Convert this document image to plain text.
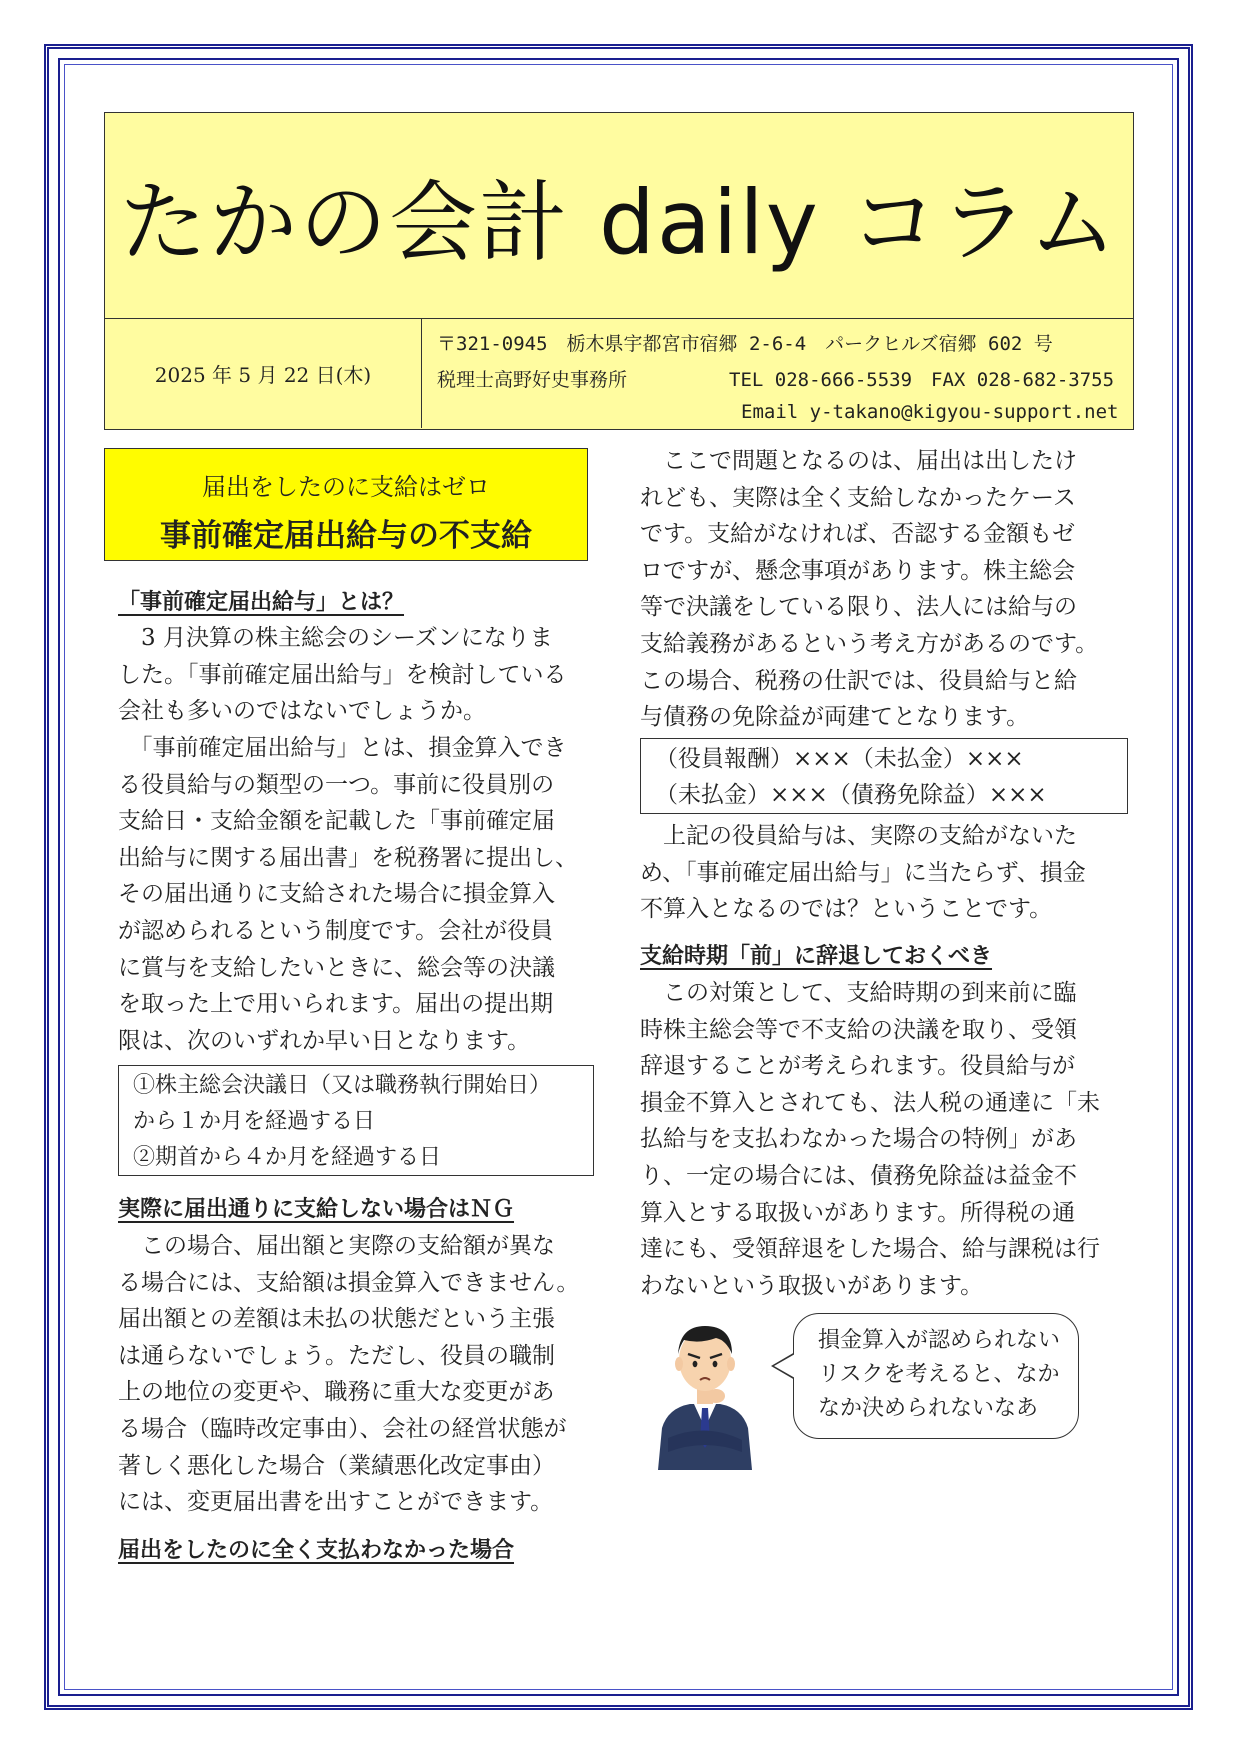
たかの会計 daily コラム
2025 年 5 月 22 日(木)
〒321-0945　栃木県宇都宮市宿郷 2-6-4　パークヒルズ宿郷 602 号
税理士高野好史事務所	TEL 028-666-5539　FAX 028-682-3755
Email y-takano@kigyou-support.net
届出をしたのに支給はゼロ
事前確定届出給与の不支給
「事前確定届出給与」とは？
　3 月決算の株主総会のシーズンになりま
した。「事前確定届出給与」を検討している
会社も多いのではないでしょうか。
　「事前確定届出給与」とは、損金算入でき
る役員給与の類型の一つ。事前に役員別の
支給日・支給金額を記載した「事前確定届
出給与に関する届出書」を税務署に提出し、
その届出通りに支給された場合に損金算入
が認められるという制度です。会社が役員
に賞与を支給したいときに、総会等の決議
を取った上で用いられます。届出の提出期
限は、次のいずれか早い日となります。
①株主総会決議日（又は職務執行開始日）
から１か月を経過する日
②期首から４か月を経過する日
実際に届出通りに支給しない場合はＮＧ
　この場合、届出額と実際の支給額が異な
る場合には、支給額は損金算入できません。
届出額との差額は未払の状態だという主張
は通らないでしょう。ただし、役員の職制
上の地位の変更や、職務に重大な変更があ
る場合（臨時改定事由）、会社の経営状態が
著しく悪化した場合（業績悪化改定事由）
には、変更届出書を出すことができます。
届出をしたのに全く支払わなかった場合
　ここで問題となるのは、届出は出したけ
れども、実際は全く支給しなかったケース
です。支給がなければ、否認する金額もゼ
ロですが、懸念事項があります。株主総会
等で決議をしている限り、法人には給与の
支給義務があるという考え方があるのです。
この場合、税務の仕訳では、役員給与と給
与債務の免除益が両建てとなります。
（役員報酬）×××（未払金）×××
（未払金）×××（債務免除益）×××
　上記の役員給与は、実際の支給がないた
め、「事前確定届出給与」に当たらず、損金
不算入となるのでは？ということです。
支給時期「前」に辞退しておくべき
　この対策として、支給時期の到来前に臨
時株主総会等で不支給の決議を取り、受領
辞退することが考えられます。役員給与が
損金不算入とされても、法人税の通達に「未
払給与を支払わなかった場合の特例」があ
り、一定の場合には、債務免除益は益金不
算入とする取扱いがあります。所得税の通
達にも、受領辞退をした場合、給与課税は行
わないという取扱いがあります。
損金算入が認められない
リスクを考えると、なか
なか決められないなあ
